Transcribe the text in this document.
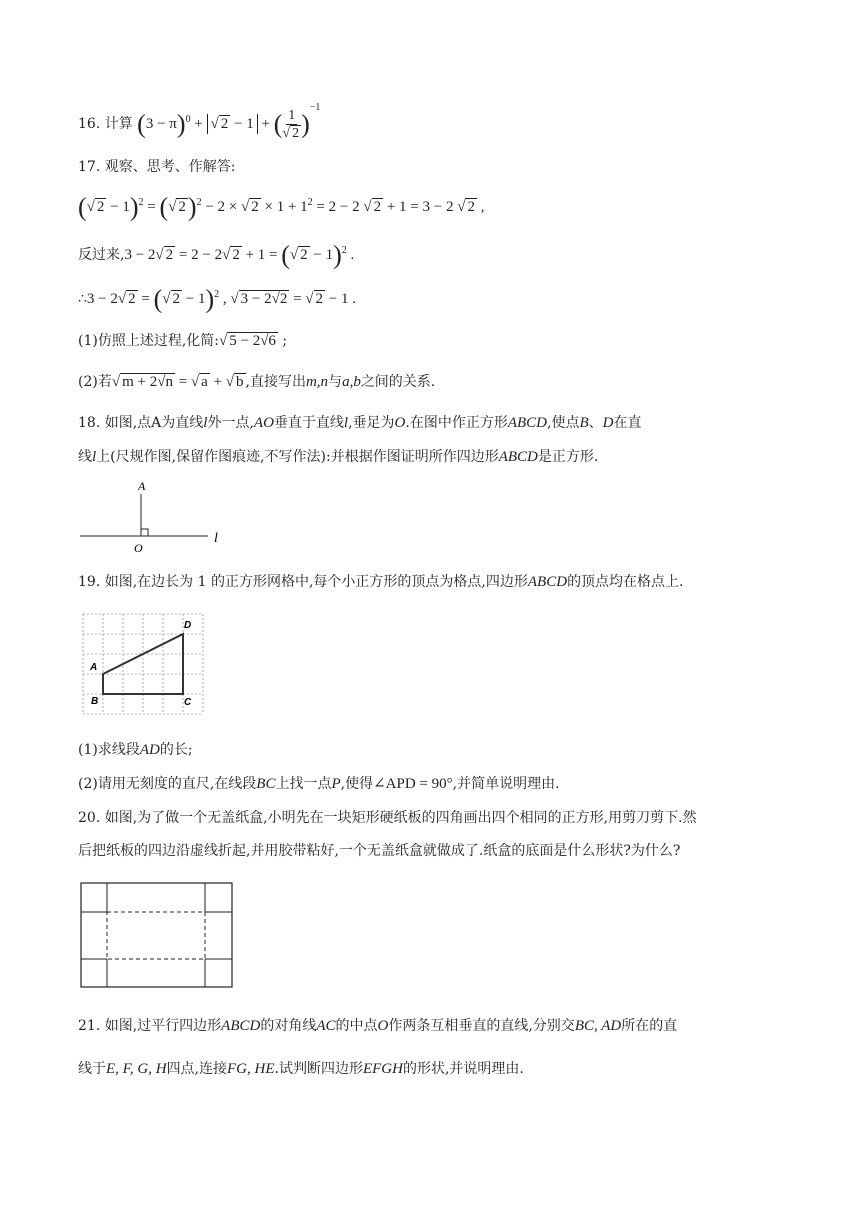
16. 计算 $(3 - \pi)^0$ + √ 2 − 1 + ( $\frac{1}{√ 2} )^{-1}$
17. 观察、思考、作解答:
(√ 2 − 1)$^2$ = (√ 2)$^2$ − 2 × √ $2 \times 1 + 1^2 = 2 - 2$ √ 2 + 1 = 3 − 2 √ 2 ,
反过来,3 − 2√ 2 = 2 − 2√ 2 + 1 = (√ 2 − 1)$^2$ .
∴3 − 2√ 2 = (√ 2 − 1)$^2$ , √ 3 − 2√2 = √ 2 − 1 .
(1)仿照上述过程,化简:√ 5 − 2√6 ;
(2)若√ m + 2√n = √ a + √ b ,直接写出m,n与a,b之间的关系.
18. 如图,点A为直线l外一点,AO垂直于直线l,垂足为O.在图中作正方形ABCD,使点B、D在直
线l上(尺规作图,保留作图痕迹,不写作法):并根据作图证明所作四边形ABCD是正方形.
A
O
l
19. 如图,在边长为 1 的正方形网格中,每个小正方形的顶点为格点,四边形ABCD的顶点均在格点上.
A
B	C
D
(1)求线段AD的长;
(2)请用无刻度的直尺,在线段BC上找一点P,使得∠APD = 90°,并简单说明理由.
20. 如图,为了做一个无盖纸盒,小明先在一块矩形硬纸板的四角画出四个相同的正方形,用剪刀剪下.然
后把纸板的四边沿虚线折起,并用胶带粘好,一个无盖纸盒就做成了.纸盒的底面是什么形状?为什么?
21. 如图,过平行四边形ABCD的对角线AC的中点O作两条互相垂直的直线,分别交BC, AD所在的直
线于E, F, G, H四点,连接FG, HE.试判断四边形EFGH的形状,并说明理由.
